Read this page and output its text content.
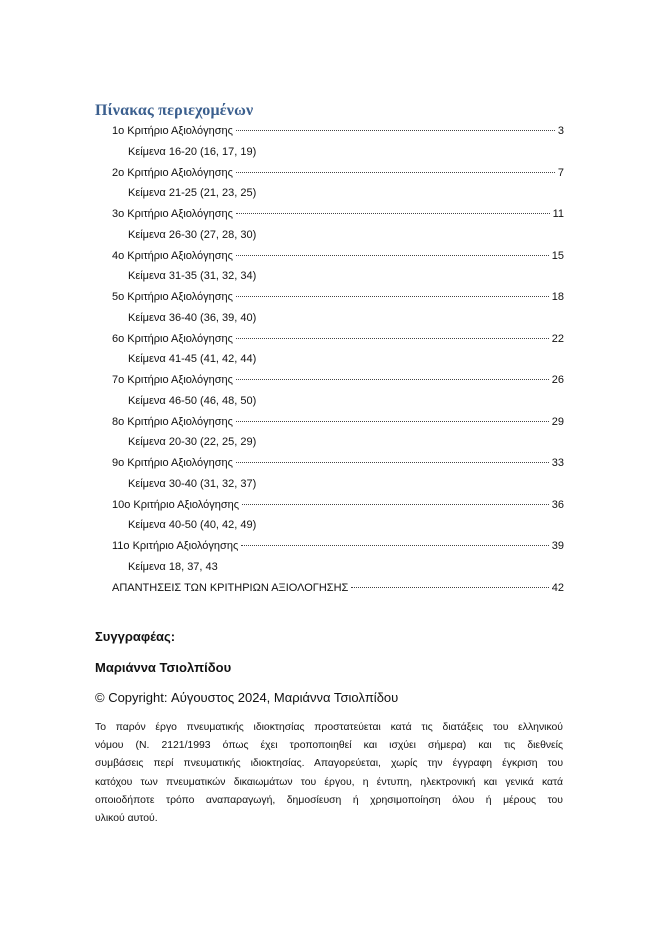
Πίνακας περιεχομένων
1ο Κριτήριο Αξιολόγησης	3
Κείμενα 16-20 (16, 17, 19)
2ο Κριτήριο Αξιολόγησης	7
Κείμενα 21-25 (21, 23, 25)
3ο Κριτήριο Αξιολόγησης	11
Κείμενα 26-30 (27, 28, 30)
4ο Κριτήριο Αξιολόγησης	15
Κείμενα 31-35 (31, 32, 34)
5ο Κριτήριο Αξιολόγησης	18
Κείμενα 36-40 (36, 39, 40)
6ο Κριτήριο Αξιολόγησης	22
Κείμενα 41-45 (41, 42, 44)
7ο Κριτήριο Αξιολόγησης	26
Κείμενα 46-50 (46, 48, 50)
8ο Κριτήριο Αξιολόγησης	29
Κείμενα 20-30 (22, 25, 29)
9ο Κριτήριο Αξιολόγησης	33
Κείμενα 30-40 (31, 32, 37)
10ο Κριτήριο Αξιολόγησης	36
Κείμενα 40-50 (40, 42, 49)
11ο Κριτήριο Αξιολόγησης	39
Κείμενα 18, 37, 43
ΑΠΑΝΤΗΣΕΙΣ ΤΩΝ ΚΡΙΤΗΡΙΩΝ ΑΞΙΟΛΟΓΗΣΗΣ	42

Συγγραφέας:

Μαριάννα Τσιολπίδου

© Copyright: Αύγουστος 2024, Μαριάννα Τσιολπίδου

Το παρόν έργο πνευματικής ιδιοκτησίας προστατεύεται κατά τις διατάξεις του ελληνικού
νόμου (Ν. 2121/1993 όπως έχει τροποποιηθεί και ισχύει σήμερα) και τις διεθνείς
συμβάσεις περί πνευματικής ιδιοκτησίας. Απαγορεύεται, χωρίς την έγγραφη έγκριση του
κατόχου των πνευματικών δικαιωμάτων του έργου, η έντυπη, ηλεκτρονική και γενικά κατά
οποιοδήποτε τρόπο αναπαραγωγή, δημοσίευση ή χρησιμοποίηση όλου ή μέρους του
υλικού αυτού.
